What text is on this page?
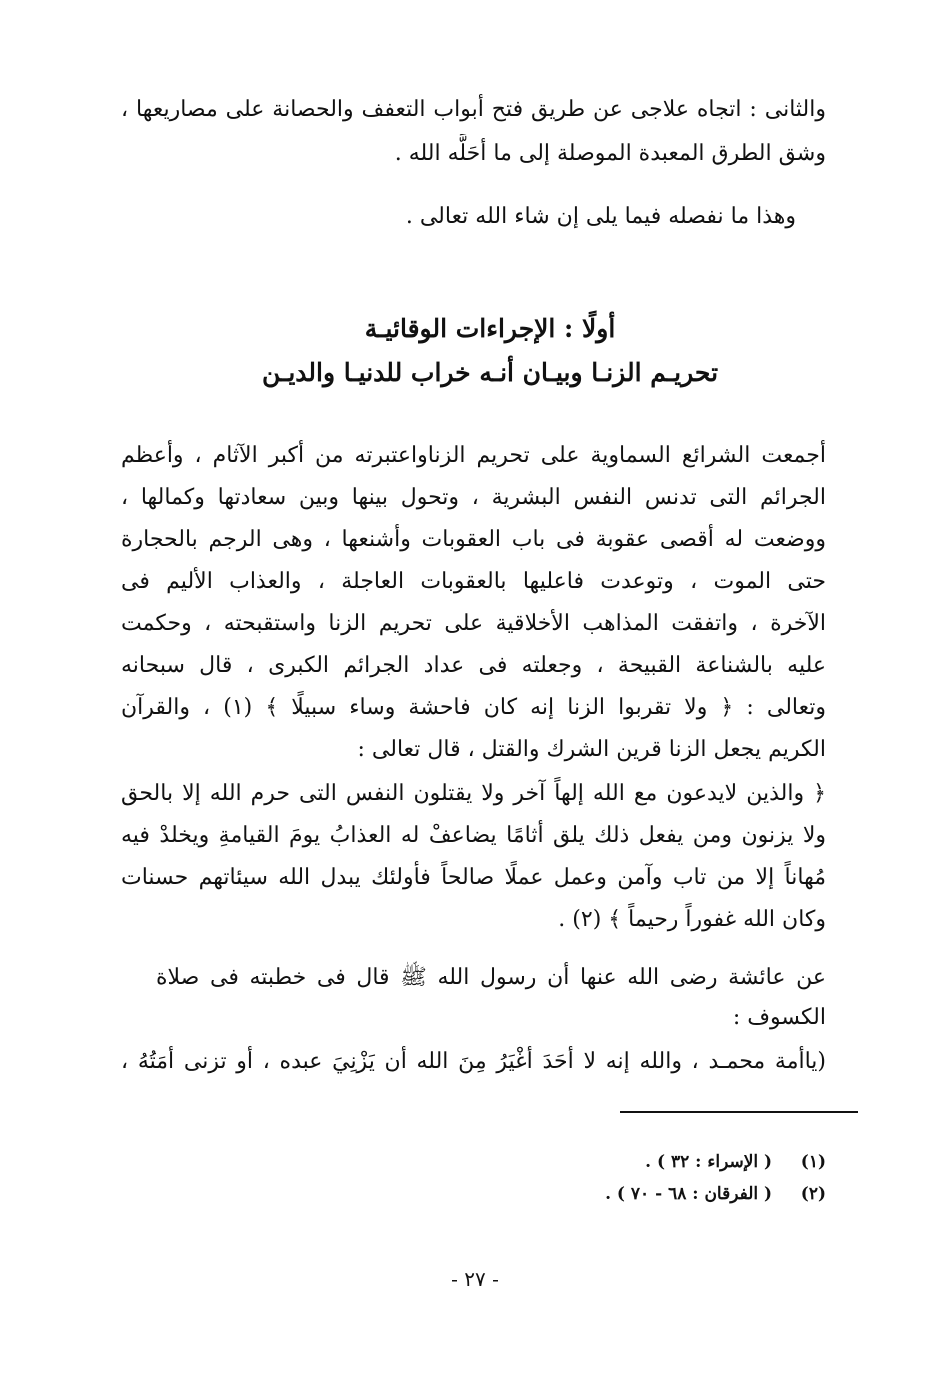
والثانى : اتجاه علاجى عن طريق فتح أبواب التعفف والحصانة على مصاريعها ،
وشق الطرق المعبدة الموصلة إلى ما أحَلَّه الله .
وهذا ما نفصله فيما يلى إن شاء الله تعالى .
أولًا : الإجراءات الوقائيـة
تحريـم الزنـا وبيـان أنـه خراب للدنيـا والديـن
أجمعت الشرائع السماوية على تحريم الزناواعتبرته من أكبر الآثام ، وأعظم
الجرائم التى تدنس النفس البشرية ، وتحول بينها وبين سعادتها وكمالها ،
ووضعت له أقصى عقوبة فى باب العقوبات وأشنعها ، وهى الرجم بالحجارة
حتى الموت ، وتوعدت فاعليها بالعقوبات العاجلة ، والعذاب الأليم فى
الآخرة ، واتفقت المذاهب الأخلاقية على تحريم الزنا واستقبحته ، وحكمت
عليه بالشناعة القبيحة ، وجعلته فى عداد الجرائم الكبرى ، قال سبحانه
وتعالى : ﴿ ولا تقربوا الزنا إنه كان فاحشة وساء سبيلًا ﴾ (١) ، والقرآن
الكريم يجعل الزنا قرين الشرك والقتل ، قال تعالى :
﴿ والذين لايدعون مع الله إلهاً آخر ولا يقتلون النفس التى حرم الله إلا بالحق
ولا يزنون ومن يفعل ذلك يلق أثامًا يضاعفْ له العذابُ يومَ القيامةِ ويخلدْ فيه
مُهاناً إلا من تاب وآمن وعمل عملًا صالحاً فأولئك يبدل الله سيئاتهم حسنات
وكان الله غفوراً رحيماً ﴾ (٢) .
عن عائشة رضى الله عنها أن رسول الله ﷺ قال فى خطبته فى صلاة
الكسوف :
(ياأمة محمـد ، والله إنه لا أحَدَ أغْيَرُ مِنَ الله أن يَزْنِيَ عبده ، أو تزنى أمَتُهُ ،
(١) ( الإسراء : ٣٢ ) .
(٢) ( الفرقان : ٦٨ - ٧٠ ) .
- ٢٧ -
